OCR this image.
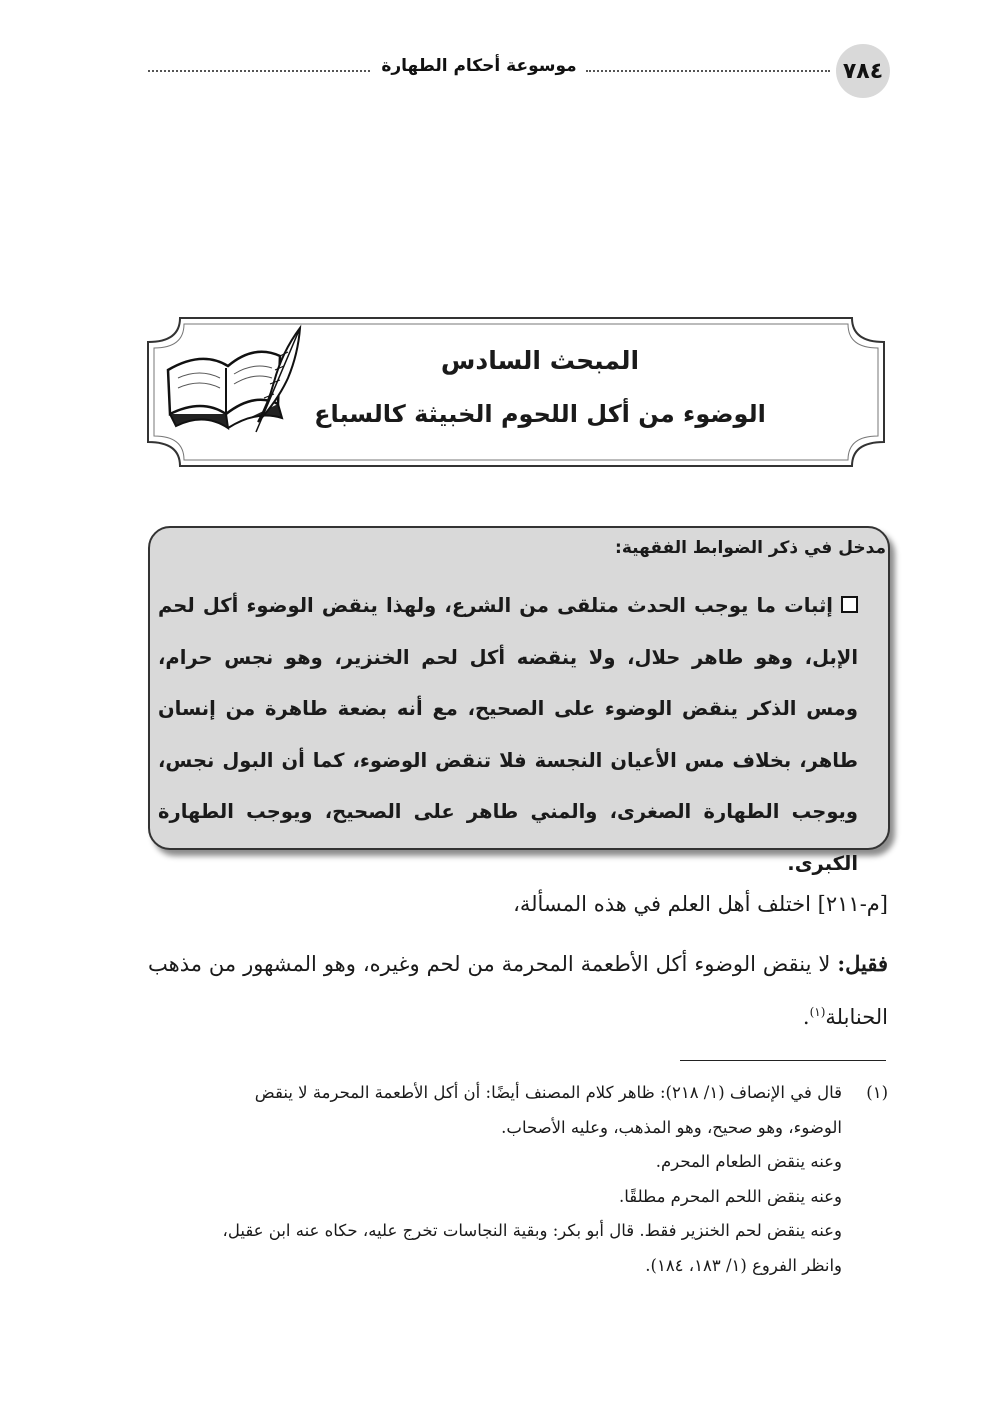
٧٨٤
موسوعة أحكام الطهارة
المبحث السادس
الوضوء من أكل اللحوم الخبيثة كالسباع
مدخل في ذكر الضوابط الفقهية:
إثبات ما يوجب الحدث متلقى من الشرع، ولهذا ينقض الوضوء أكل لحم الإبل، وهو طاهر حلال، ولا ينقضه أكل لحم الخنزير، وهو نجس حرام، ومس الذكر ينقض الوضوء على الصحيح، مع أنه بضعة طاهرة من إنسان طاهر، بخلاف مس الأعيان النجسة فلا تنقض الوضوء، كما أن البول نجس، ويوجب الطهارة الصغرى، والمني طاهر على الصحيح، ويوجب الطهارة الكبرى.
[م-٢١١] اختلف أهل العلم في هذه المسألة،
فقيل: لا ينقض الوضوء أكل الأطعمة المحرمة من لحم وغيره، وهو المشهور من مذهب الحنابلة$^{(١)}$.
(١)قال في الإنصاف (١/ ٢١٨): ظاهر كلام المصنف أيضًا: أن أكل الأطعمة المحرمة لا ينقض
الوضوء، وهو صحيح، وهو المذهب، وعليه الأصحاب.
وعنه ينقض الطعام المحرم.
وعنه ينقض اللحم المحرم مطلقًا.
وعنه ينقض لحم الخنزير فقط. قال أبو بكر: وبقية النجاسات تخرج عليه، حكاه عنه ابن عقيل،
وانظر الفروع (١/ ١٨٣، ١٨٤).
